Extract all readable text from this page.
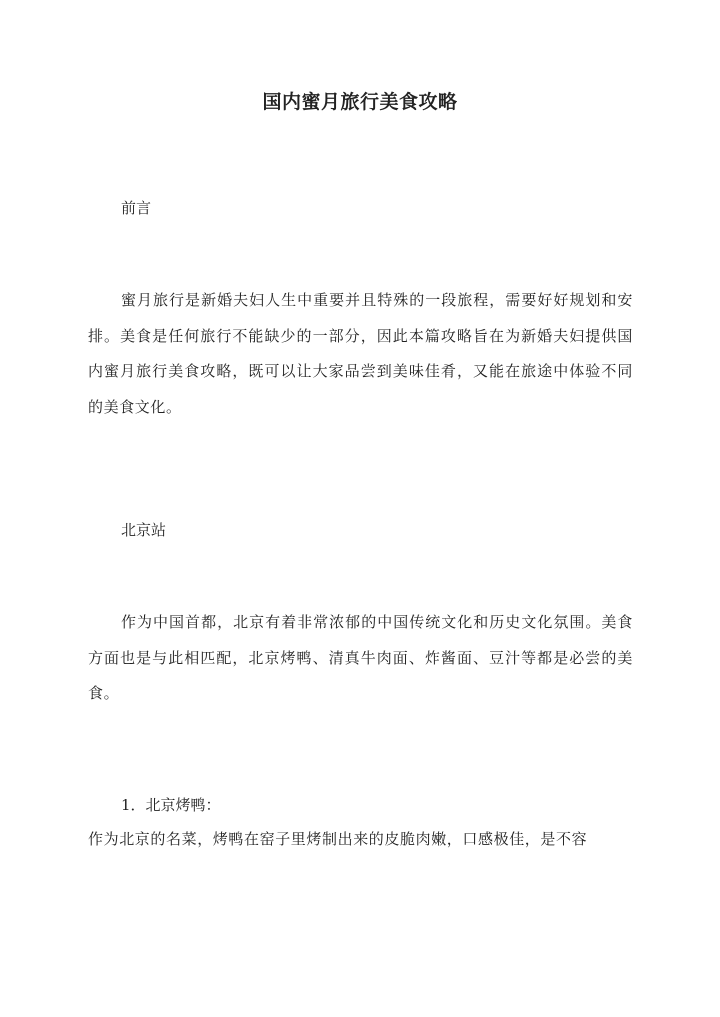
国内蜜月旅行美食攻略
前言
蜜月旅行是新婚夫妇人生中重要并且特殊的一段旅程，需要好好规划和安排。美食是任何旅行不能缺少的一部分，因此本篇攻略旨在为新婚夫妇提供国内蜜月旅行美食攻略，既可以让大家品尝到美味佳肴，又能在旅途中体验不同的美食文化。
北京站
作为中国首都，北京有着非常浓郁的中国传统文化和历史文化氛围。美食方面也是与此相匹配，北京烤鸭、清真牛肉面、炸酱面、豆汁等都是必尝的美食。
1．北京烤鸭：
作为北京的名菜，烤鸭在窑子里烤制出来的皮脆肉嫩，口感极佳，是不容
